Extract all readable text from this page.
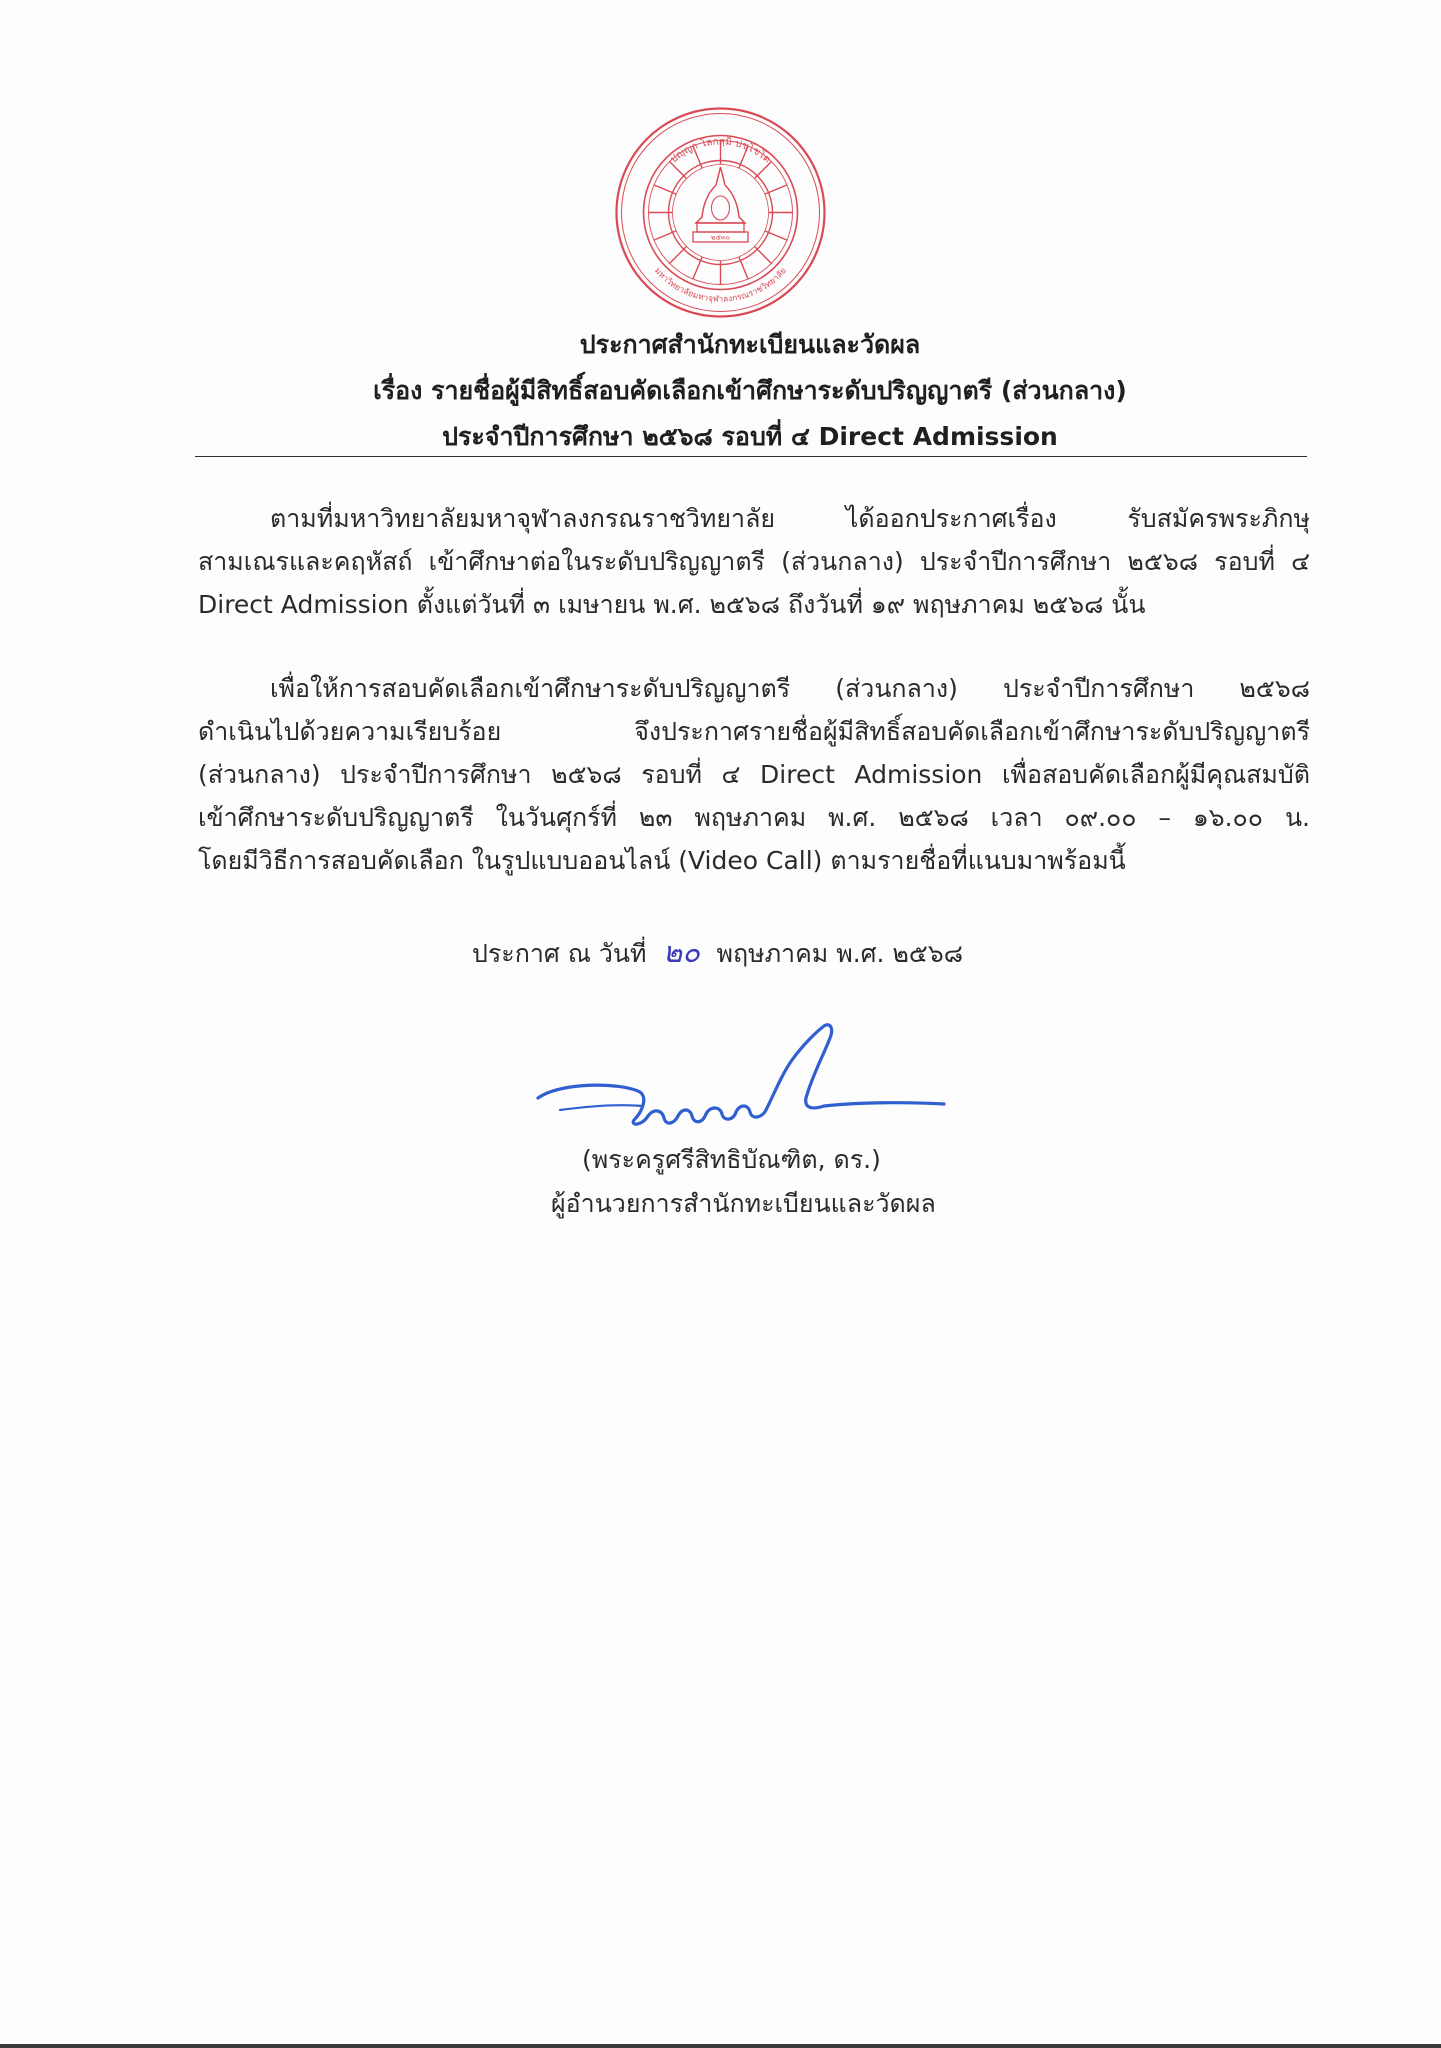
ปญฺญา โลกสฺมิ ปชฺโชโต
มหาวิทยาลัยมหาจุฬาลงกรณราชวิทยาลัย
๒๕๓๐
ประกาศสำนักทะเบียนและวัดผล
เรื่อง รายชื่อผู้มีสิทธิ์สอบคัดเลือกเข้าศึกษาระดับปริญญาตรี (ส่วนกลาง)
ประจำปีการศึกษา ๒๕๖๘ รอบที่ ๔ Direct Admission
ตามที่มหาวิทยาลัยมหาจุฬาลงกรณราชวิทยาลัย ได้ออกประกาศเรื่อง รับสมัครพระภิกษุ
สามเณรและคฤหัสถ์ เข้าศึกษาต่อในระดับปริญญาตรี (ส่วนกลาง) ประจำปีการศึกษา ๒๕๖๘ รอบที่ ๔
Direct Admission ตั้งแต่วันที่ ๓ เมษายน พ.ศ. ๒๕๖๘ ถึงวันที่ ๑๙ พฤษภาคม ๒๕๖๘ นั้น
เพื่อให้การสอบคัดเลือกเข้าศึกษาระดับปริญญาตรี (ส่วนกลาง) ประจำปีการศึกษา ๒๕๖๘
ดำเนินไปด้วยความเรียบร้อย จึงประกาศรายชื่อผู้มีสิทธิ์สอบคัดเลือกเข้าศึกษาระดับปริญญาตรี
(ส่วนกลาง) ประจำปีการศึกษา ๒๕๖๘ รอบที่ ๔ Direct Admission เพื่อสอบคัดเลือกผู้มีคุณสมบัติ
เข้าศึกษาระดับปริญญาตรี ในวันศุกร์ที่ ๒๓ พฤษภาคม พ.ศ. ๒๕๖๘ เวลา ๐๙.๐๐ – ๑๖.๐๐ น.
โดยมีวิธีการสอบคัดเลือก ในรูปแบบออนไลน์ (Video Call) ตามรายชื่อที่แนบมาพร้อมนี้
ประกาศ ณ วันที่ ๒๐ พฤษภาคม พ.ศ. ๒๕๖๘
(พระครูศรีสิทธิบัณฑิต, ดร.)
ผู้อำนวยการสำนักทะเบียนและวัดผล
